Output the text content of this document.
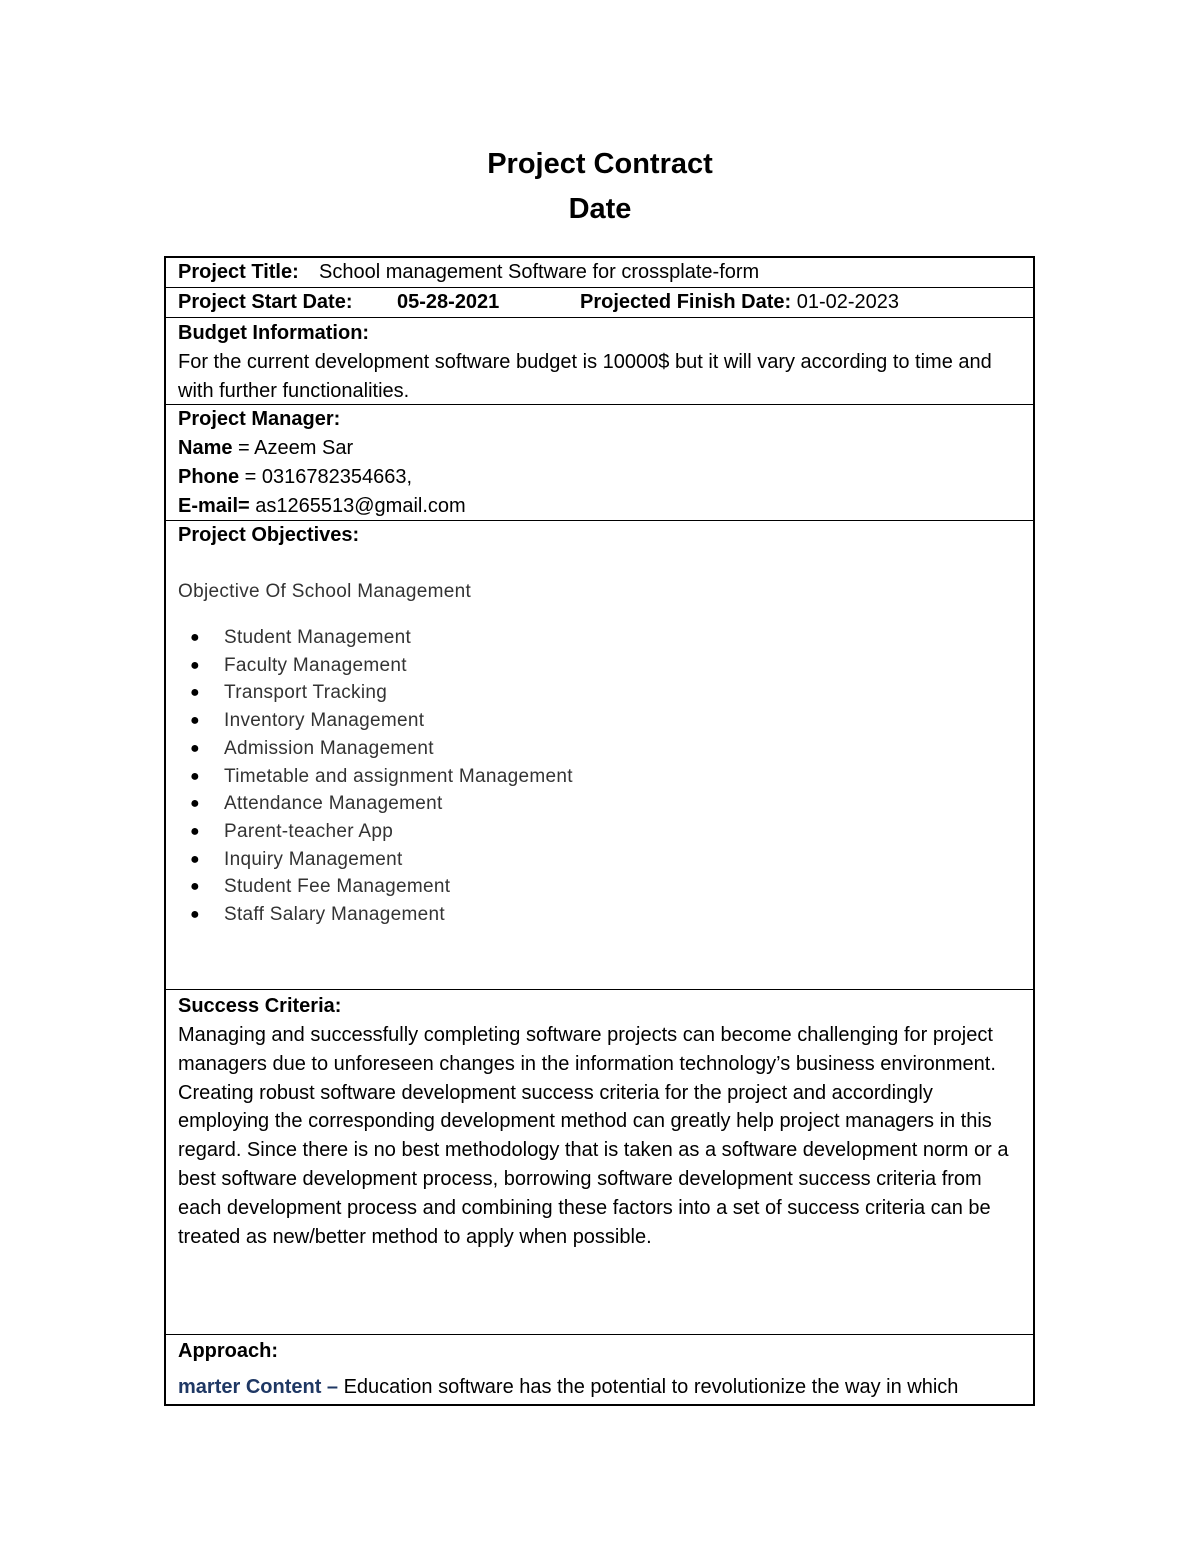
Project Contract
Date
Project Title: School management Software for crossplate-form
Project Start Date: 05-28-2021	Projected Finish Date: 01-02-2023
Budget Information:
For the current development software budget is 10000$ but it will vary according to time and with further functionalities.
Project Manager:
Name = Azeem Sar
Phone = 0316782354663,
E-mail= as1265513@gmail.com
Project Objectives:
Objective Of School Management
● Student Management
● Faculty Management
● Transport Tracking
● Inventory Management
● Admission Management
● Timetable and assignment Management
● Attendance Management
● Parent-teacher App
● Inquiry Management
● Student Fee Management
● Staff Salary Management
Success Criteria:
Managing and successfully completing software projects can become challenging for project managers due to unforeseen changes in the information technology’s business environment. Creating robust software development success criteria for the project and accordingly employing the corresponding development method can greatly help project managers in this regard. Since there is no best methodology that is taken as a software development norm or a best software development process, borrowing software development success criteria from each development process and combining these factors into a set of success criteria can be treated as new/better method to apply when possible.
Approach:
marter Content – Education software has the potential to revolutionize the way in which
